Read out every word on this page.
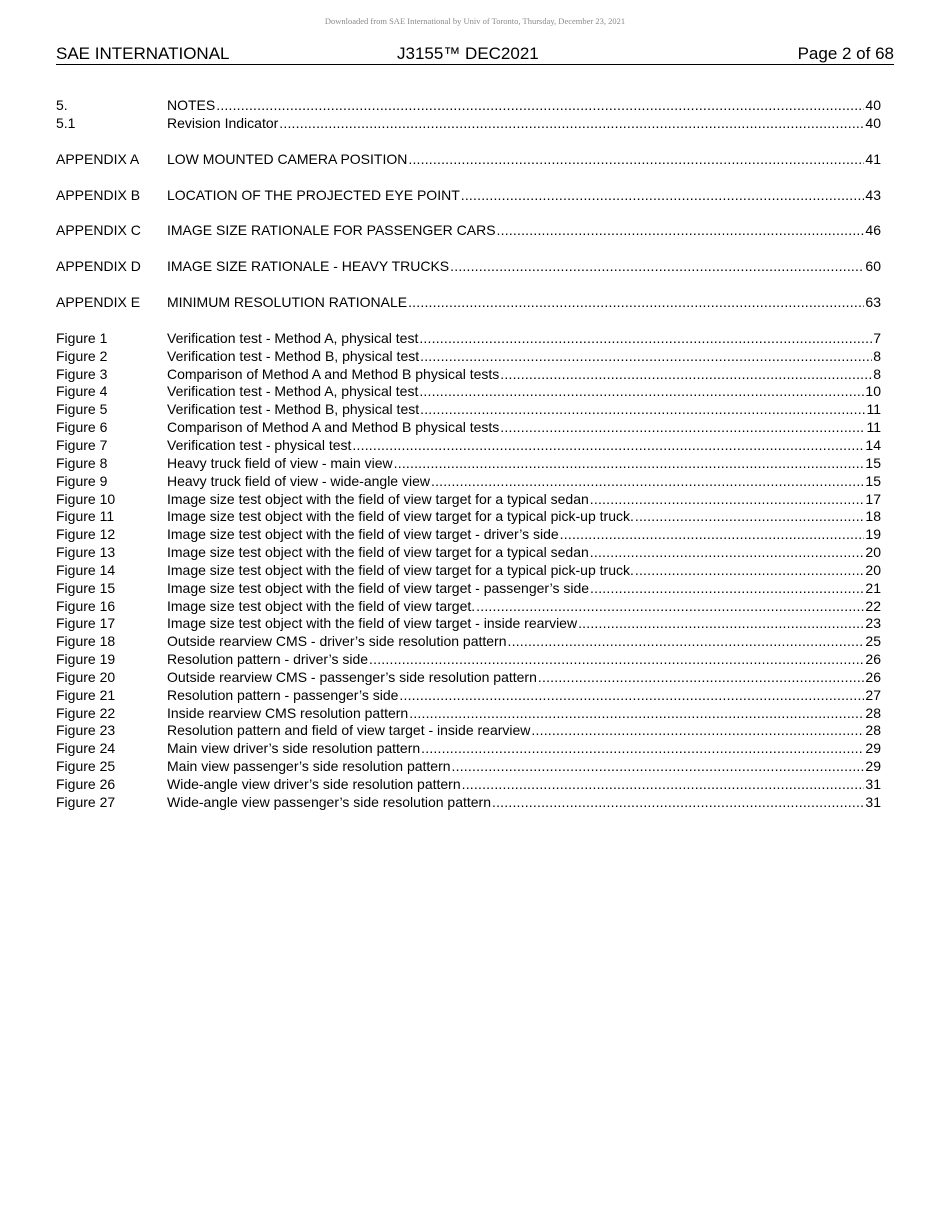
Downloaded from SAE International by Univ of Toronto, Thursday, December 23, 2021
SAE INTERNATIONAL	J3155™ DEC2021	Page 2 of 68
5.	NOTES .....	40
5.1	Revision Indicator .....	40
APPENDIX A	LOW MOUNTED CAMERA POSITION .....	41
APPENDIX B	LOCATION OF THE PROJECTED EYE POINT .....	43
APPENDIX C	IMAGE SIZE RATIONALE FOR PASSENGER CARS .....	46
APPENDIX D	IMAGE SIZE RATIONALE - HEAVY TRUCKS .....	60
APPENDIX E	MINIMUM RESOLUTION RATIONALE .....	63
Figure 1	Verification test - Method A, physical test .....	7
Figure 2	Verification test - Method B, physical test .....	8
Figure 3	Comparison of Method A and Method B physical tests .....	8
Figure 4	Verification test - Method A, physical test .....	10
Figure 5	Verification test - Method B, physical test .....	11
Figure 6	Comparison of Method A and Method B physical tests .....	11
Figure 7	Verification test - physical test .....	14
Figure 8	Heavy truck field of view - main view .....	15
Figure 9	Heavy truck field of view - wide-angle view .....	15
Figure 10	Image size test object with the field of view target for a typical sedan .....	17
Figure 11	Image size test object with the field of view target for a typical pick-up truck. .....	18
Figure 12	Image size test object with the field of view target - driver’s side .....	19
Figure 13	Image size test object with the field of view target for a typical sedan .....	20
Figure 14	Image size test object with the field of view target for a typical pick-up truck. .....	20
Figure 15	Image size test object with the field of view target - passenger’s side .....	21
Figure 16	Image size test object with the field of view target. .....	22
Figure 17	Image size test object with the field of view target - inside rearview .....	23
Figure 18	Outside rearview CMS - driver’s side resolution pattern .....	25
Figure 19	Resolution pattern - driver’s side .....	26
Figure 20	Outside rearview CMS - passenger’s side resolution pattern .....	26
Figure 21	Resolution pattern - passenger’s side .....	27
Figure 22	Inside rearview CMS resolution pattern .....	28
Figure 23	Resolution pattern and field of view target - inside rearview .....	28
Figure 24	Main view driver’s side resolution pattern .....	29
Figure 25	Main view passenger’s side resolution pattern .....	29
Figure 26	Wide-angle view driver’s side resolution pattern .....	31
Figure 27	Wide-angle view passenger’s side resolution pattern .....	31
